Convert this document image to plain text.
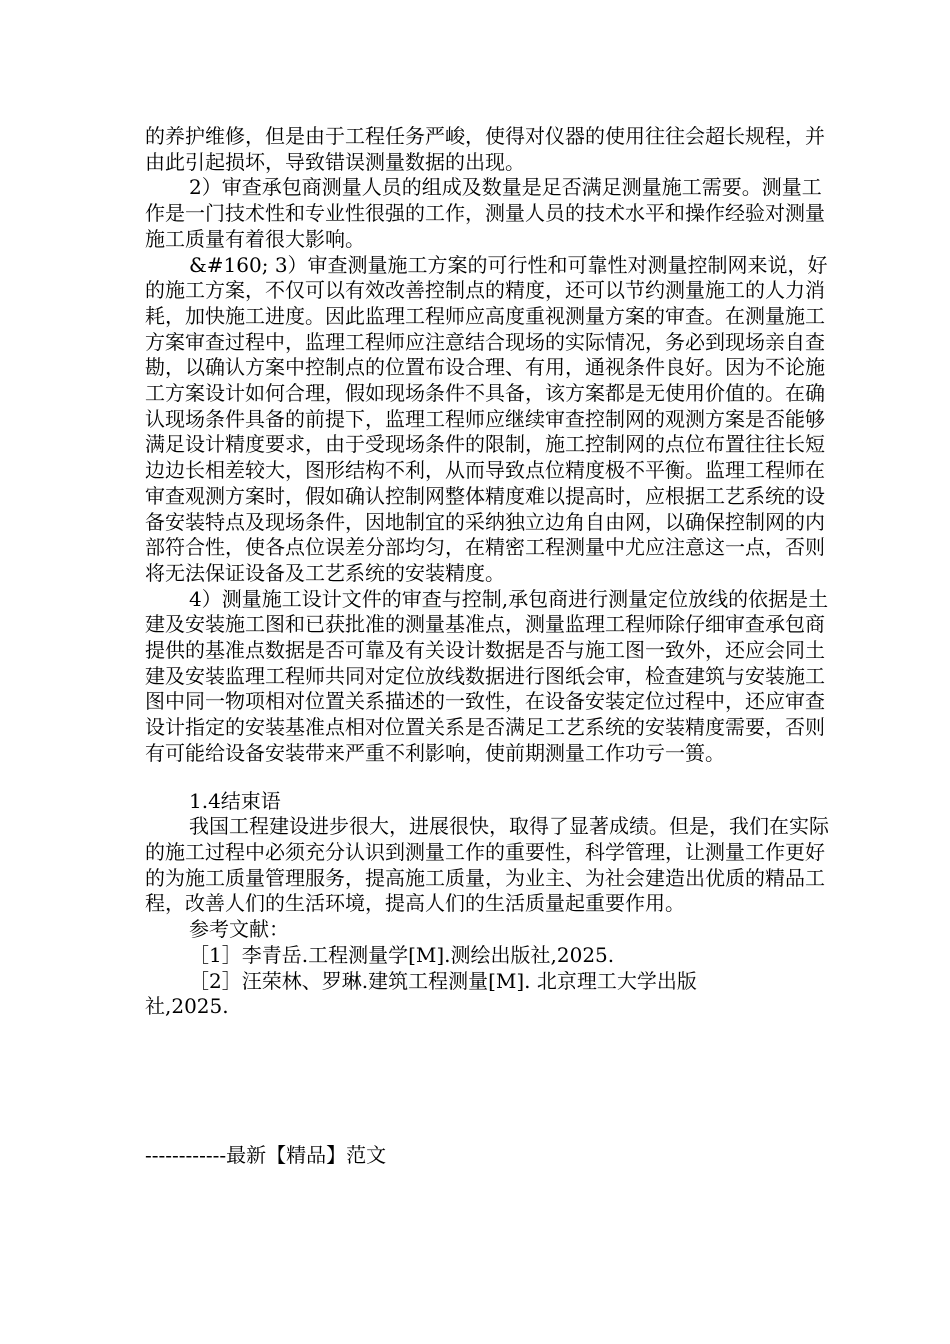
的养护维修，但是由于工程任务严峻，使得对仪器的使用往往会超长规程，并由此引起损坏，导致错误测量数据的出现。

2）审查承包商测量人员的组成及数量是足否满足测量施工需要。测量工作是一门技术性和专业性很强的工作，测量人员的技术水平和操作经验对测量施工质量有着很大影响。

&#160; 3）审查测量施工方案的可行性和可靠性对测量控制网来说，好的施工方案，不仅可以有效改善控制点的精度，还可以节约测量施工的人力消耗，加快施工进度。因此监理工程师应高度重视测量方案的审查。在测量施工方案审查过程中，监理工程师应注意结合现场的实际情况，务必到现场亲自查勘，以确认方案中控制点的位置布设合理、有用，通视条件良好。因为不论施工方案设计如何合理，假如现场条件不具备，该方案都是无使用价值的。在确认现场条件具备的前提下，监理工程师应继续审查控制网的观测方案是否能够满足设计精度要求，由于受现场条件的限制，施工控制网的点位布置往往长短边边长相差较大，图形结构不利，从而导致点位精度极不平衡。监理工程师在审查观测方案时，假如确认控制网整体精度难以提高时，应根据工艺系统的设备安装特点及现场条件，因地制宜的采纳独立边角自由网，以确保控制网的内部符合性，使各点位误差分部均匀，在精密工程测量中尤应注意这一点，否则将无法保证设备及工艺系统的安装精度。

4）测量施工设计文件的审查与控制,承包商进行测量定位放线的依据是土建及安装施工图和已获批准的测量基准点，测量监理工程师除仔细审查承包商提供的基准点数据是否可靠及有关设计数据是否与施工图一致外，还应会同土建及安装监理工程师共同对定位放线数据进行图纸会审，检查建筑与安装施工图中同一物项相对位置关系描述的一致性，在设备安装定位过程中，还应审查设计指定的安装基准点相对位置关系是否满足工艺系统的安装精度需要，否则有可能给设备安装带来严重不利影响，使前期测量工作功亏一篑。

1.4结束语

我国工程建设进步很大，进展很快，取得了显著成绩。但是，我们在实际的施工过程中必须充分认识到测量工作的重要性，科学管理，让测量工作更好的为施工质量管理服务，提高施工质量，为业主、为社会建造出优质的精品工程，改善人们的生活环境，提高人们的生活质量起重要作用。

参考文献：

［1］李青岳.工程测量学[M].测绘出版社,2025.

［2］汪荣林、罗琳.建筑工程测量[M]. 北京理工大学出版
社,2025.

------------最新【精品】范文
